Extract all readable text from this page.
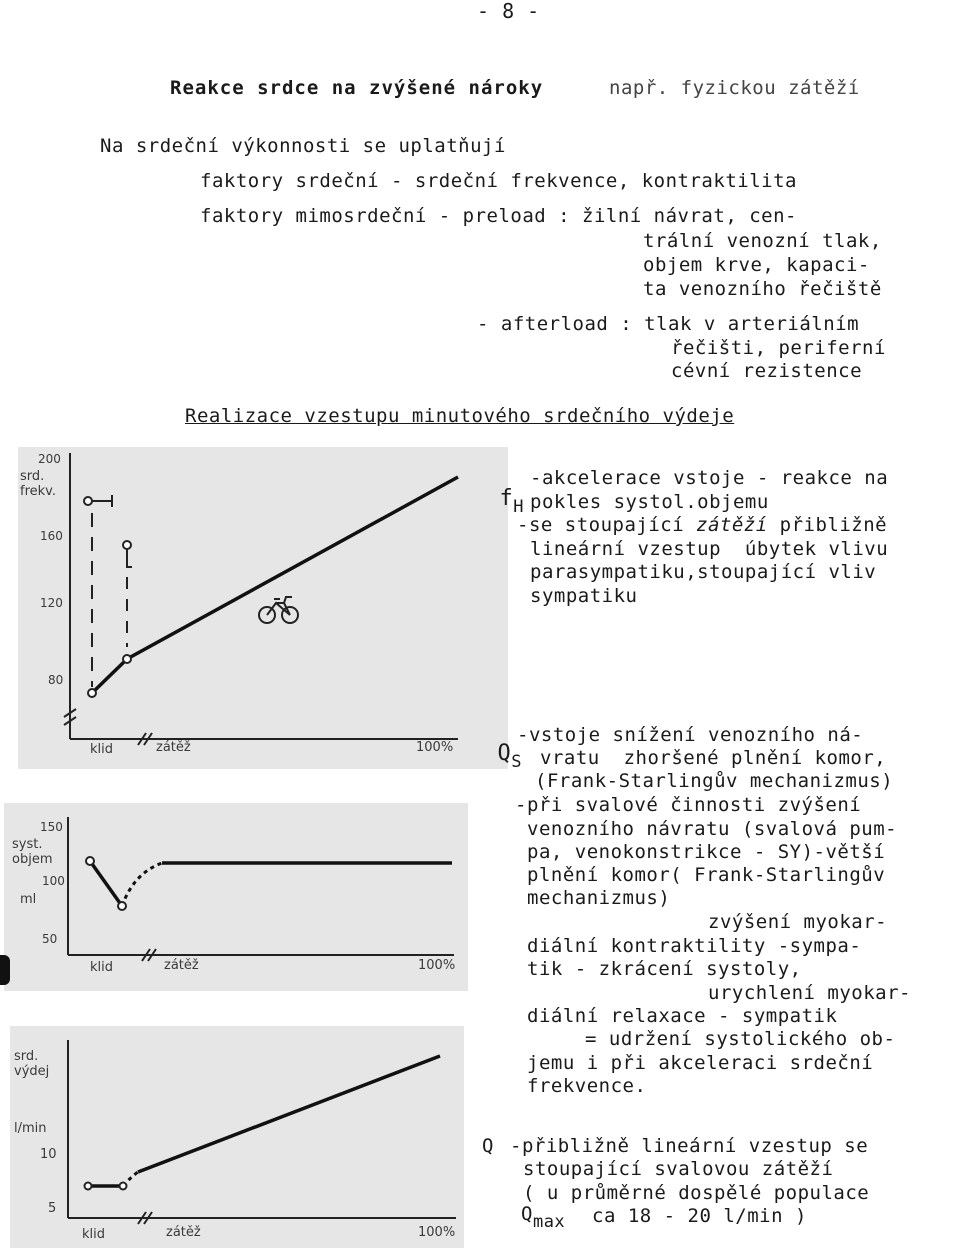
- 8 -
Reakce srdce na zvýšené nároky	např. fyzickou zátěží
Na srdeční výkonnosti se uplatňují
faktory srdeční - srdeční frekvence, kontraktilita
faktory mimosrdeční - preload : žilní návrat, cen-
trální venozní tlak,
objem krve, kapaci-
ta venozního řečiště
- afterload : tlak v arteriálním
řečišti, periferní
cévní rezistence
Realizace vzestupu minutového srdečního výdeje
srd.
frekv.
200
160
120
80
klid	zátěž	100%
syst.
objem
ml
150
100
50
klid	zátěž	100%
srd.
výdej
l/min
10
5
klid	zátěž	100%

$f_H$

-akcelerace vstoje - reakce na
pokles systol.objemu
-se stoupající zátěží přibližně
lineární vzestup  úbytek vlivu
parasympatiku,stoupající vliv
sympatiku

$Q_S$

-vstoje snížení venozního ná-
vratu  zhoršené plnění komor,
(Frank-Starlingův mechanizmus)
-při svalové činnosti zvýšení
venozního návratu (svalová pum-
pa, venokonstrikce - SY)-větší
plnění komor( Frank-Starlingův
mechanizmus)
zvýšení myokar-
diální kontraktility -sympa-
tik - zkrácení systoly,
urychlení myokar-
diální relaxace - sympatik
= udržení systolického ob-
jemu i při akceleraci srdeční
frekvence.
Q -přibližně lineární vzestup se
stoupající svalovou zátěží
( u průměrné dospělé populace
Qmax ca 18 - 20 l/min )
